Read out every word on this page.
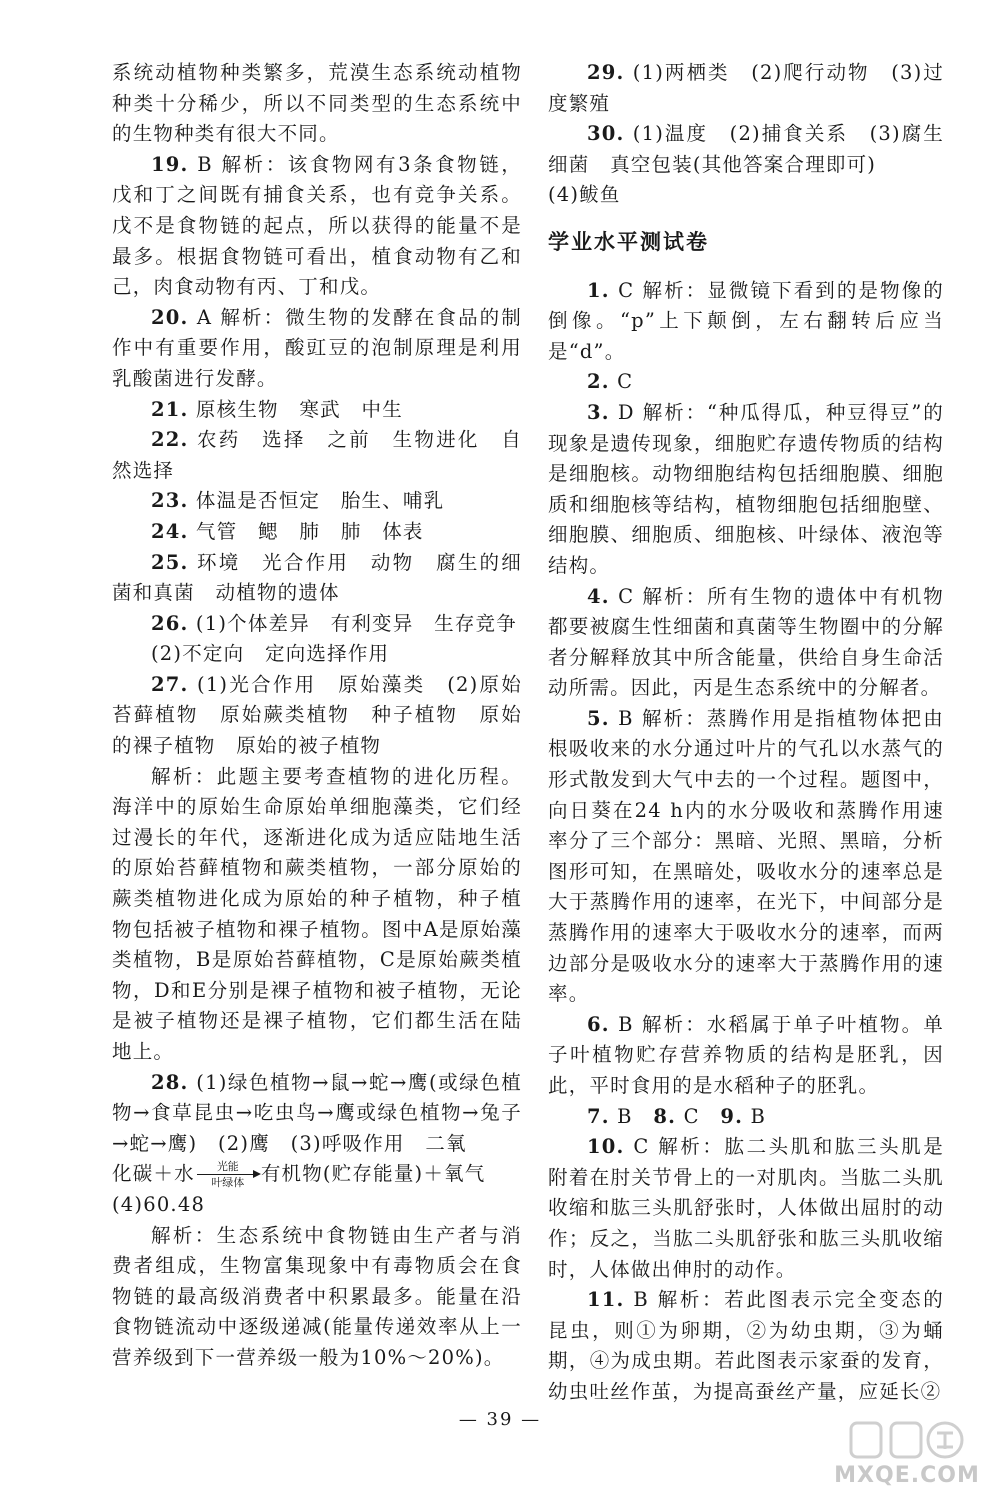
系统动植物种类繁多，荒漠生态系统动植物种类十分稀少，所以不同类型的生态系统中的生物种类有很大不同。

19. B 解析：该食物网有3条食物链，戊和丁之间既有捕食关系，也有竞争关系。戊不是食物链的起点，所以获得的能量不是最多。根据食物链可看出，植食动物有乙和己，肉食动物有丙、丁和戊。

20. A 解析：微生物的发酵在食品的制作中有重要作用，酸豇豆的泡制原理是利用乳酸菌进行发酵。

21. 原核生物　寒武　中生

22. 农药　选择　之前　生物进化　自然选择

23. 体温是否恒定　胎生、哺乳

24. 气管　鳃　肺　肺　体表

25. 环境　光合作用　动物　腐生的细菌和真菌　动植物的遗体

26. (1)个体差异　有利变异　生存竞争

(2)不定向　定向选择作用

27. (1)光合作用　原始藻类　(2)原始苔藓植物　原始蕨类植物　种子植物　原始的裸子植物　原始的被子植物

解析：此题主要考查植物的进化历程。海洋中的原始生命原始单细胞藻类，它们经过漫长的年代，逐渐进化成为适应陆地生活的原始苔藓植物和蕨类植物，一部分原始的蕨类植物进化成为原始的种子植物，种子植物包括被子植物和裸子植物。图中A是原始藻类植物，B是原始苔藓植物，C是原始蕨类植物，D和E分别是裸子植物和被子植物，无论是被子植物还是裸子植物，它们都生活在陆地上。

28. (1)绿色植物→鼠→蛇→鹰(或绿色植物→食草昆虫→吃虫鸟→鹰或绿色植物→兔子→蛇→鹰)　(2)鹰　(3)呼吸作用　二氧

化碳＋水 光能
叶绿体 有机物(贮存能量)＋氧气

(4)60.48

解析：生态系统中食物链由生产者与消费者组成，生物富集现象中有毒物质会在食物链的最高级消费者中积累最多。能量在沿食物链流动中逐级递减(能量传递效率从上一营养级到下一营养级一般为10%～20%)。

29. (1)两栖类　(2)爬行动物　(3)过度繁殖

30. (1)温度　(2)捕食关系　(3)腐生细菌　真空包装(其他答案合理即可)

(4)鲅鱼

学业水平测试卷

1. C 解析：显微镜下看到的是物像的倒像。“p”上下颠倒，左右翻转后应当是“d”。

2. C

3. D 解析：“种瓜得瓜，种豆得豆”的现象是遗传现象，细胞贮存遗传物质的结构是细胞核。动物细胞结构包括细胞膜、细胞质和细胞核等结构，植物细胞包括细胞壁、细胞膜、细胞质、细胞核、叶绿体、液泡等结构。

4. C 解析：所有生物的遗体中有机物都要被腐生性细菌和真菌等生物圈中的分解者分解释放其中所含能量，供给自身生命活动所需。因此，丙是生态系统中的分解者。

5. B 解析：蒸腾作用是指植物体把由根吸收来的水分通过叶片的气孔以水蒸气的形式散发到大气中去的一个过程。题图中，向日葵在24 h内的水分吸收和蒸腾作用速率分了三个部分：黑暗、光照、黑暗，分析图形可知，在黑暗处，吸收水分的速率总是大于蒸腾作用的速率，在光下，中间部分是蒸腾作用的速率大于吸收水分的速率，而两边部分是吸收水分的速率大于蒸腾作用的速率。

6. B 解析：水稻属于单子叶植物。单子叶植物贮存营养物质的结构是胚乳，因此，平时食用的是水稻种子的胚乳。

7. B　8. C　9. B

10. C 解析：肱二头肌和肱三头肌是附着在肘关节骨上的一对肌肉。当肱二头肌收缩和肱三头肌舒张时，人体做出屈肘的动作；反之，当肱二头肌舒张和肱三头肌收缩时，人体做出伸肘的动作。

11. B 解析：若此图表示完全变态的昆虫，则①为卵期，②为幼虫期，③为蛹期，④为成虫期。若此图表示家蚕的发育，幼虫吐丝作茧，为提高蚕丝产量，应延长②

— 39 —
MXQE.COM
